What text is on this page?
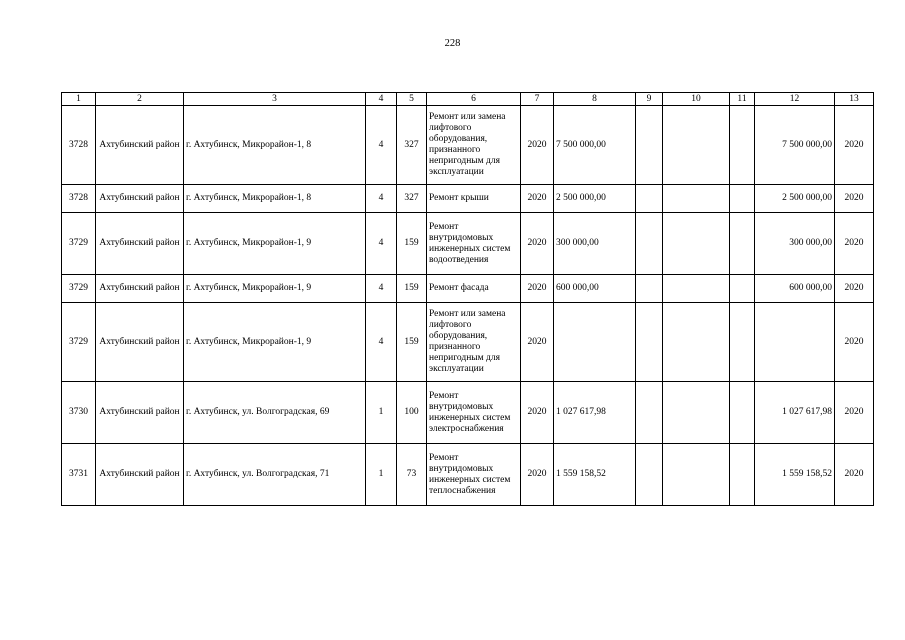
228
1	2	3	4	5	6	7	8	9	10	11	12	13
3728	Ахтубинский район	г. Ахтубинск, Микрорайон-1, 8	4	327	Ремонт или замена лифтового оборудования, признанного непригодным для эксплуатации	2020	7 500 000,00				7 500 000,00	2020
3728	Ахтубинский район	г. Ахтубинск, Микрорайон-1, 8	4	327	Ремонт крыши	2020	2 500 000,00				2 500 000,00	2020
3729	Ахтубинский район	г. Ахтубинск, Микрорайон-1, 9	4	159	Ремонт внутридомовых инженерных систем водоотведения	2020	300 000,00				300 000,00	2020
3729	Ахтубинский район	г. Ахтубинск, Микрорайон-1, 9	4	159	Ремонт фасада	2020	600 000,00				600 000,00	2020
3729	Ахтубинский район	г. Ахтубинск, Микрорайон-1, 9	4	159	Ремонт или замена лифтового оборудования, признанного непригодным для эксплуатации	2020						2020
3730	Ахтубинский район	г. Ахтубинск, ул. Волгоградская, 69	1	100	Ремонт внутридомовых инженерных систем электроснабжения	2020	1 027 617,98				1 027 617,98	2020
3731	Ахтубинский район	г. Ахтубинск, ул. Волгоградская, 71	1	73	Ремонт внутридомовых инженерных систем теплоснабжения	2020	1 559 158,52				1 559 158,52	2020
